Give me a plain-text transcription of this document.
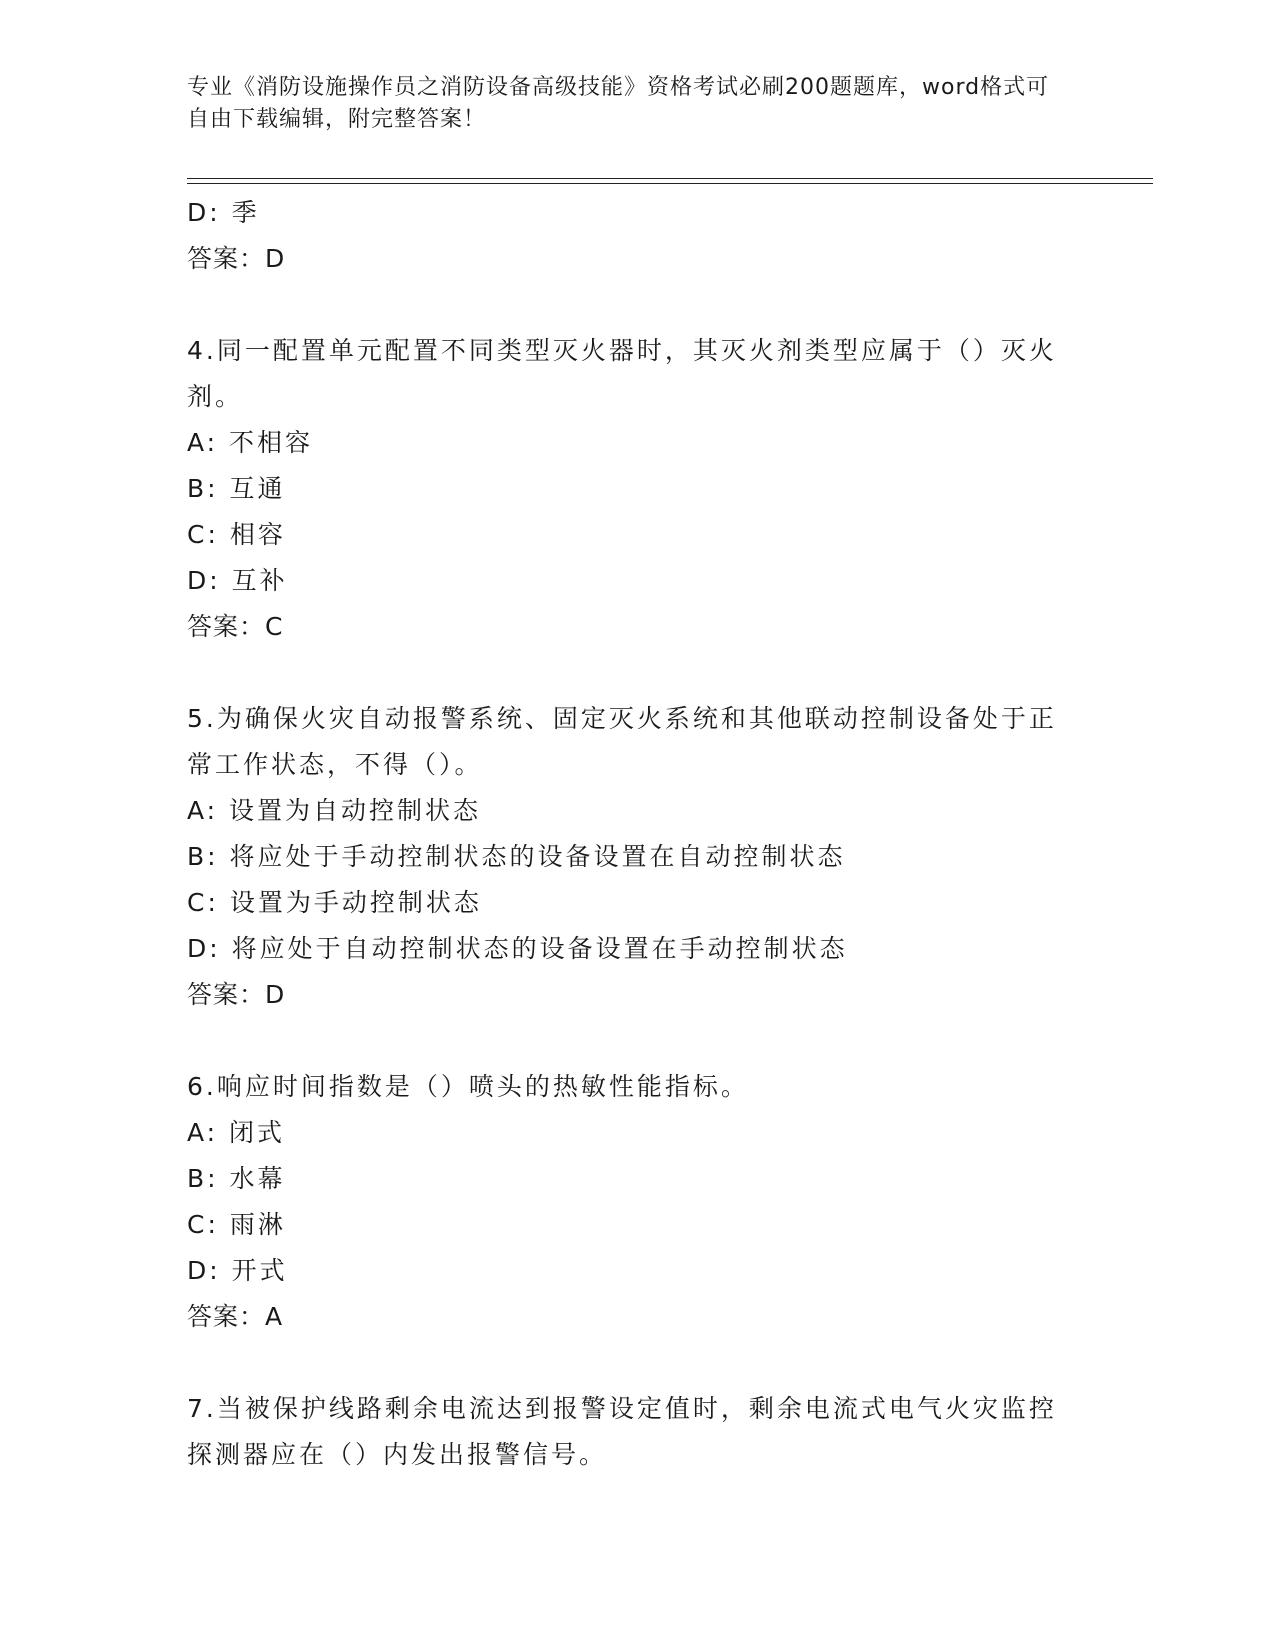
专业《消防设施操作员之消防设备高级技能》资格考试必刷200题题库，word格式可自由下载编辑，附完整答案！
D: 季
答案：D
4.同一配置单元配置不同类型灭火器时，其灭火剂类型应属于（）灭火剂。
A: 不相容
B: 互通
C: 相容
D: 互补
答案：C
5.为确保火灾自动报警系统、固定灭火系统和其他联动控制设备处于正常工作状态，不得（）。
A: 设置为自动控制状态
B: 将应处于手动控制状态的设备设置在自动控制状态
C: 设置为手动控制状态
D: 将应处于自动控制状态的设备设置在手动控制状态
答案：D
6.响应时间指数是（）喷头的热敏性能指标。
A: 闭式
B: 水幕
C: 雨淋
D: 开式
答案：A
7.当被保护线路剩余电流达到报警设定值时，剩余电流式电气火灾监控探测器应在（）内发出报警信号。
